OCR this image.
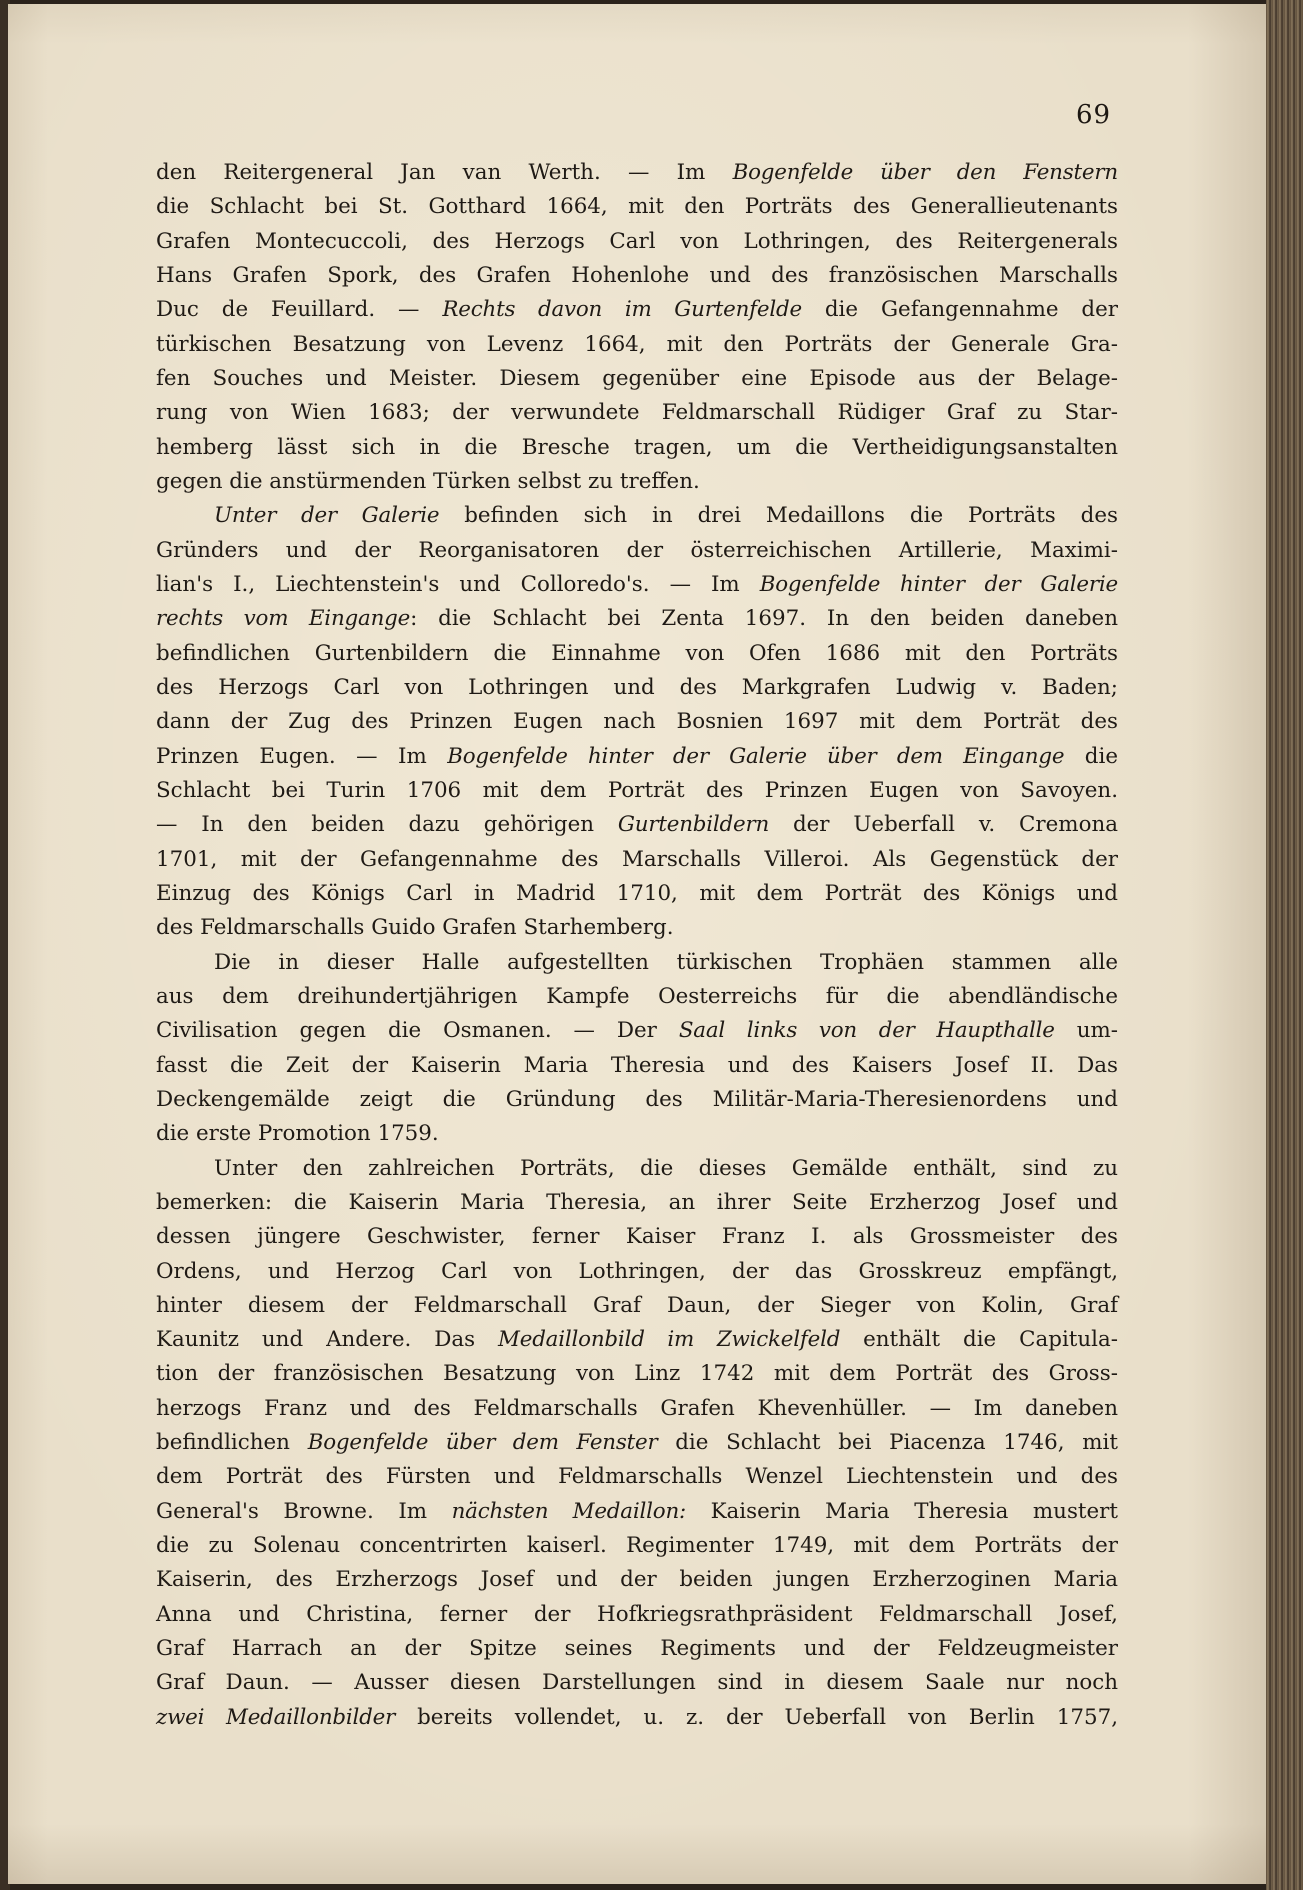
69
den Reitergeneral Jan van Werth. — Im Bogenfelde über den Fenstern
die Schlacht bei St. Gotthard 1664, mit den Porträts des Generallieutenants
Grafen Montecuccoli, des Herzogs Carl von Lothringen, des Reitergenerals
Hans Grafen Spork, des Grafen Hohenlohe und des französischen Marschalls
Duc de Feuillard. — Rechts davon im Gurtenfelde die Gefangennahme der
türkischen Besatzung von Levenz 1664, mit den Porträts der Generale Gra-
fen Souches und Meister. Diesem gegenüber eine Episode aus der Belage-
rung von Wien 1683; der verwundete Feldmarschall Rüdiger Graf zu Star-
hemberg lässt sich in die Bresche tragen, um die Vertheidigungsanstalten
gegen die anstürmenden Türken selbst zu treffen.
Unter der Galerie befinden sich in drei Medaillons die Porträts des
Gründers und der Reorganisatoren der österreichischen Artillerie, Maximi-
lian's I., Liechtenstein's und Colloredo's. — Im Bogenfelde hinter der Galerie
rechts vom Eingange: die Schlacht bei Zenta 1697. In den beiden daneben
befindlichen Gurtenbildern die Einnahme von Ofen 1686 mit den Porträts
des Herzogs Carl von Lothringen und des Markgrafen Ludwig v. Baden;
dann der Zug des Prinzen Eugen nach Bosnien 1697 mit dem Porträt des
Prinzen Eugen. — Im Bogenfelde hinter der Galerie über dem Eingange die
Schlacht bei Turin 1706 mit dem Porträt des Prinzen Eugen von Savoyen.
— In den beiden dazu gehörigen Gurtenbildern der Ueberfall v. Cremona
1701, mit der Gefangennahme des Marschalls Villeroi. Als Gegenstück der
Einzug des Königs Carl in Madrid 1710, mit dem Porträt des Königs und
des Feldmarschalls Guido Grafen Starhemberg.
Die in dieser Halle aufgestellten türkischen Trophäen stammen alle
aus dem dreihundertjährigen Kampfe Oesterreichs für die abendländische
Civilisation gegen die Osmanen. — Der Saal links von der Haupthalle um-
fasst die Zeit der Kaiserin Maria Theresia und des Kaisers Josef II. Das
Deckengemälde zeigt die Gründung des Militär-Maria-Theresienordens und
die erste Promotion 1759.
Unter den zahlreichen Porträts, die dieses Gemälde enthält, sind zu
bemerken: die Kaiserin Maria Theresia, an ihrer Seite Erzherzog Josef und
dessen jüngere Geschwister, ferner Kaiser Franz I. als Grossmeister des
Ordens, und Herzog Carl von Lothringen, der das Grosskreuz empfängt,
hinter diesem der Feldmarschall Graf Daun, der Sieger von Kolin, Graf
Kaunitz und Andere. Das Medaillonbild im Zwickelfeld enthält die Capitula-
tion der französischen Besatzung von Linz 1742 mit dem Porträt des Gross-
herzogs Franz und des Feldmarschalls Grafen Khevenhüller. — Im daneben
befindlichen Bogenfelde über dem Fenster die Schlacht bei Piacenza 1746, mit
dem Porträt des Fürsten und Feldmarschalls Wenzel Liechtenstein und des
General's Browne. Im nächsten Medaillon: Kaiserin Maria Theresia mustert
die zu Solenau concentrirten kaiserl. Regimenter 1749, mit dem Porträts der
Kaiserin, des Erzherzogs Josef und der beiden jungen Erzherzoginen Maria
Anna und Christina, ferner der Hofkriegsrathpräsident Feldmarschall Josef,
Graf Harrach an der Spitze seines Regiments und der Feldzeugmeister
Graf Daun. — Ausser diesen Darstellungen sind in diesem Saale nur noch
zwei Medaillonbilder bereits vollendet, u. z. der Ueberfall von Berlin 1757,
